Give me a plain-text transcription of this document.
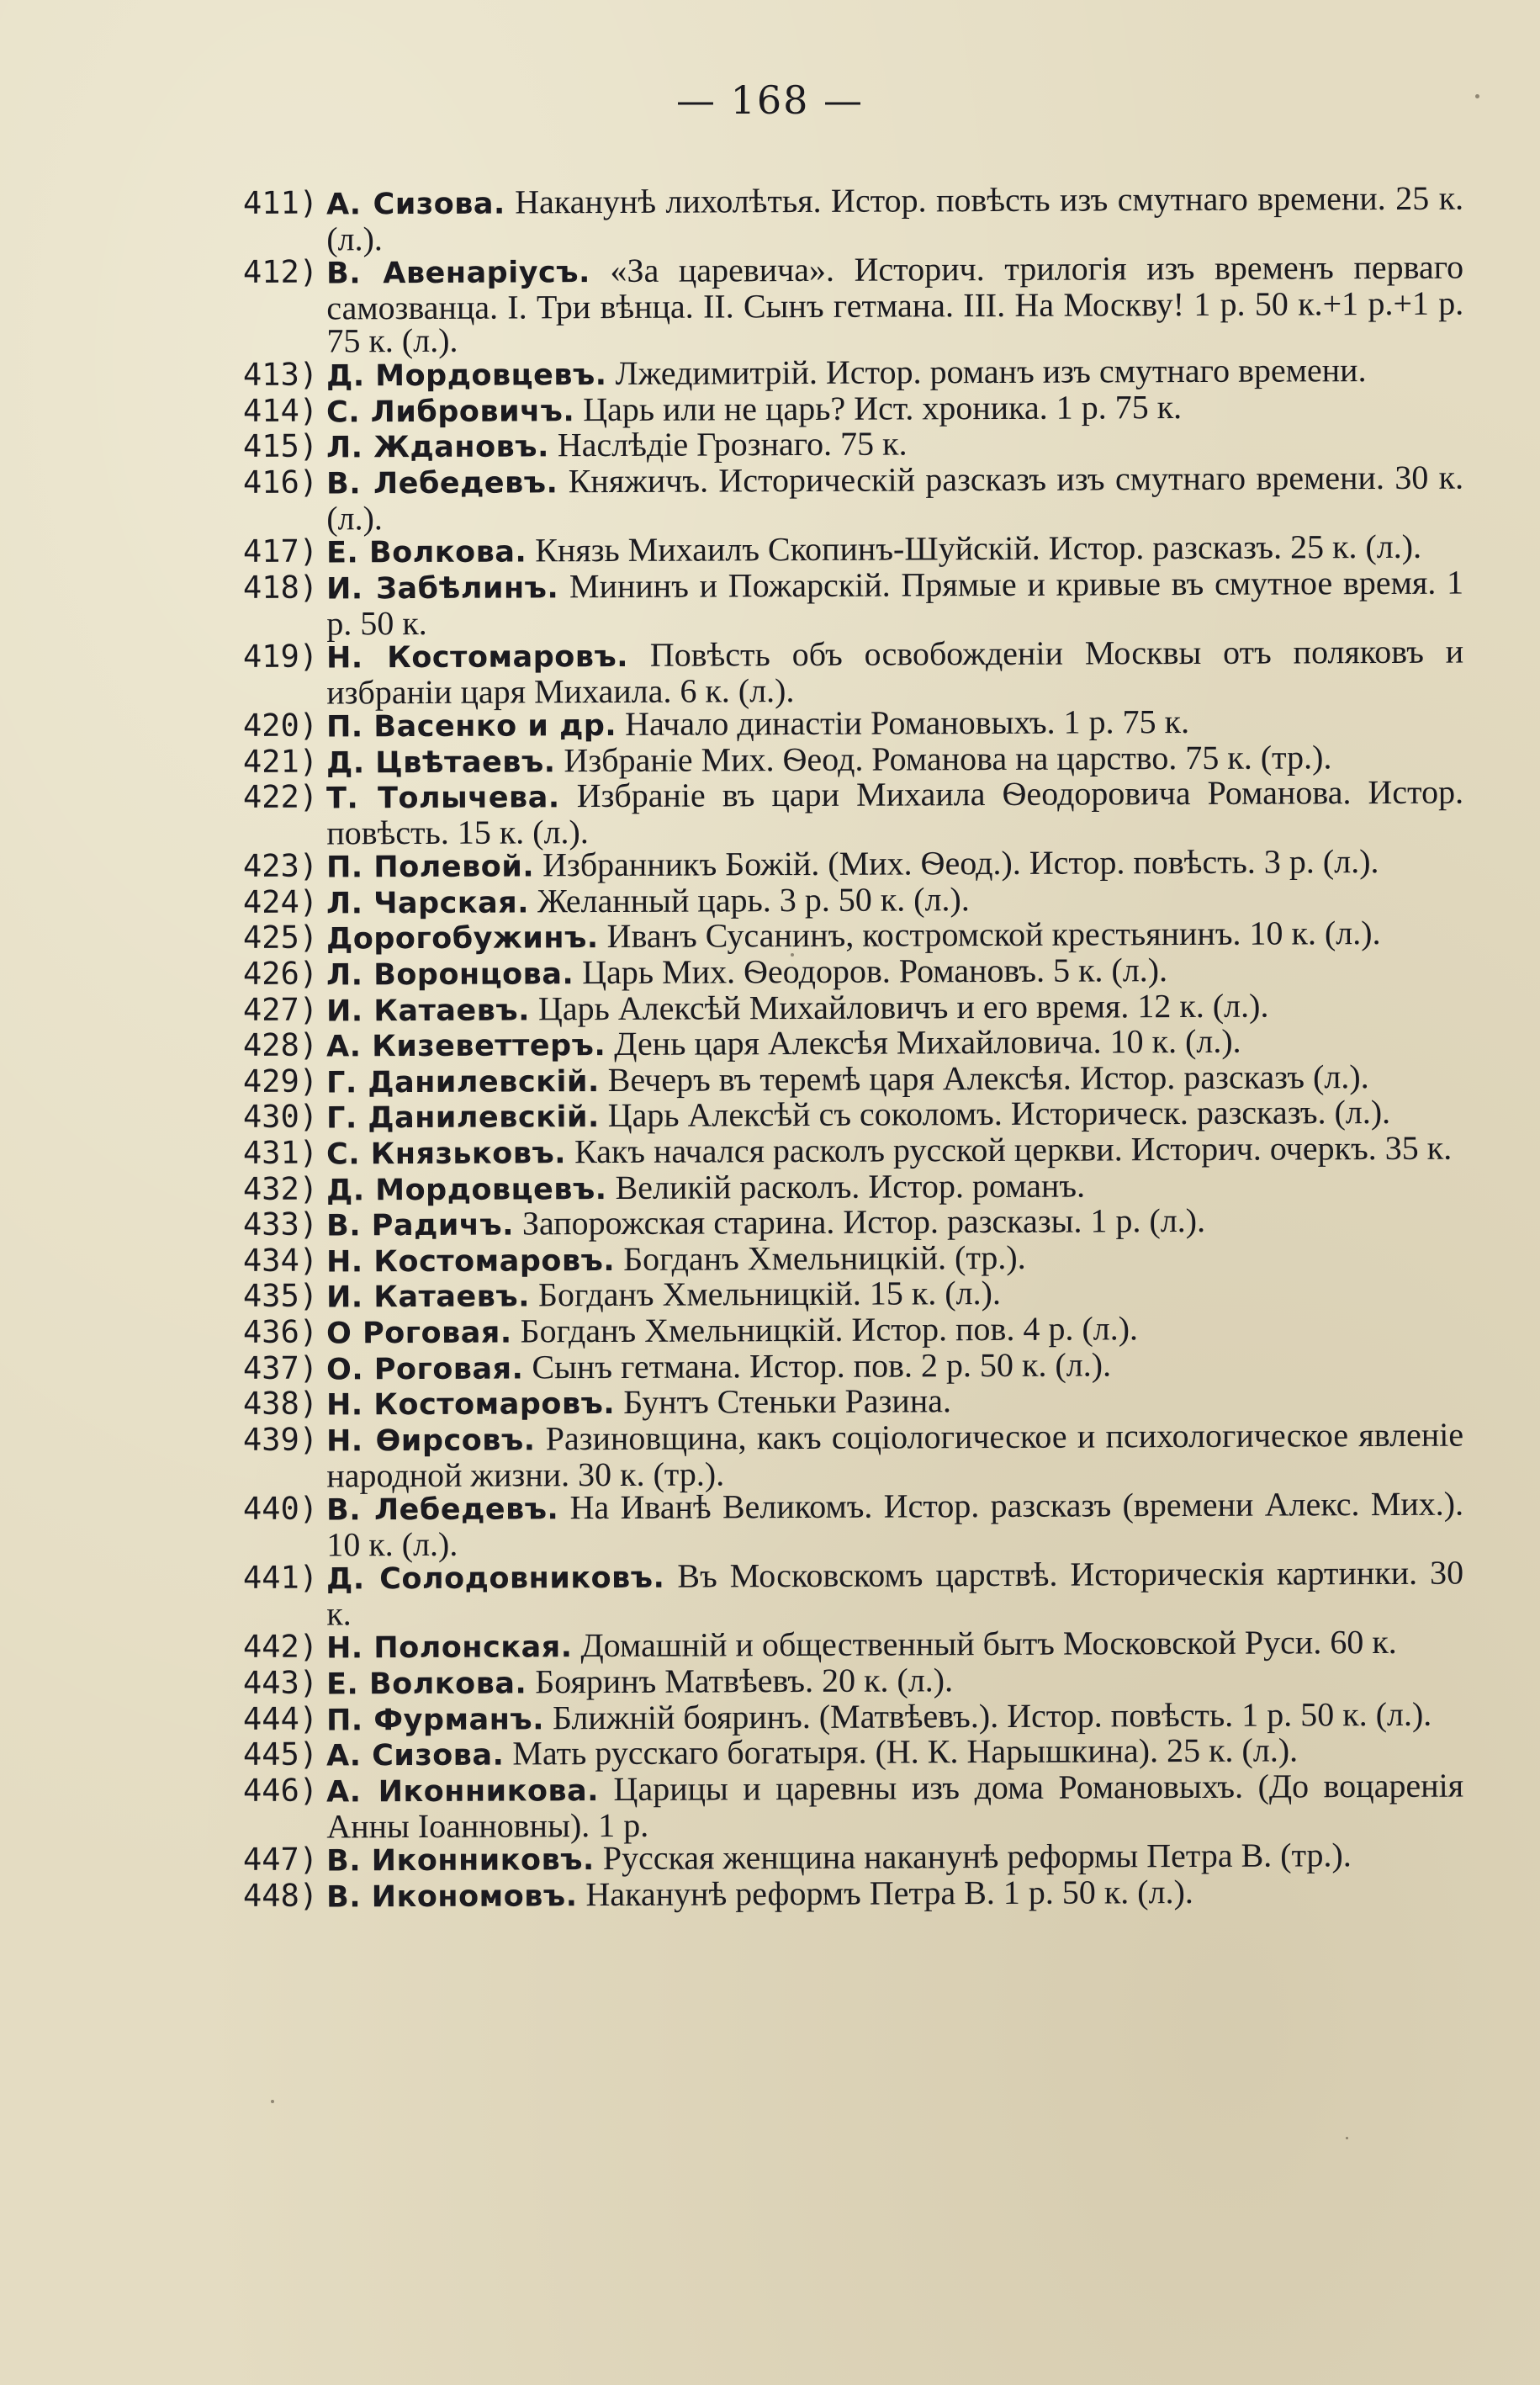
— 168 —
411) А. Сизова. Наканунѣ лихолѣтья. Истор. повѣсть изъ смутнаго времени. 25 к. (л.).
412) В. Авенаріусъ. «За царевича». Историч. трилогія изъ временъ перваго самозванца. I. Три вѣнца. II. Сынъ гетмана. III. На Москву! 1 р. 50 к.+1 р.+1 р. 75 к. (л.).
413) Д. Мордовцевъ. Лжедимитрій. Истор. романъ изъ смутнаго времени.
414) С. Либровичъ. Царь или не царь? Ист. хроника. 1 р. 75 к.
415) Л. Ждановъ. Наслѣдіе Грознаго. 75 к.
416) В. Лебедевъ. Княжичъ. Историческій разсказъ изъ смутнаго времени. 30 к. (л.).
417) Е. Волкова. Князь Михаилъ Скопинъ-Шуйскій. Истор. разсказъ. 25 к. (л.).
418) И. Забѣлинъ. Мининъ и Пожарскій. Прямые и кривые въ смутное время. 1 р. 50 к.
419) Н. Костомаровъ. Повѣсть объ освобожденіи Москвы отъ поляковъ и избраніи царя Михаила. 6 к. (л.).
420) П. Васенко и др. Начало династіи Романовыхъ. 1 р. 75 к.
421) Д. Цвѣтаевъ. Избраніе Мих. Ѳеод. Романова на царство. 75 к. (тр.).
422) Т. Толычева. Избраніе въ цари Михаила Ѳеодоровича Романова. Истор. повѣсть. 15 к. (л.).
423) П. Полевой. Избранникъ Божій. (Мих. Ѳеод.). Истор. повѣсть. 3 р. (л.).
424) Л. Чарская. Желанный царь. 3 р. 50 к. (л.).
425) Дорогобужинъ. Иванъ Сусанинъ, костромской крестьянинъ. 10 к. (л.).
426) Л. Воронцова. Царь Мих. Ѳеодоров. Романовъ. 5 к. (л.).
427) И. Катаевъ. Царь Алексѣй Михайловичъ и его время. 12 к. (л.).
428) А. Кизеветтеръ. День царя Алексѣя Михайловича. 10 к. (л.).
429) Г. Данилевскій. Вечеръ въ теремѣ царя Алексѣя. Истор. разсказъ (л.).
430) Г. Данилевскій. Царь Алексѣй съ соколомъ. Историческ. разсказъ. (л.).
431) С. Князьковъ. Какъ начался расколъ русской церкви. Историч. очеркъ. 35 к.
432) Д. Мордовцевъ. Великій расколъ. Истор. романъ.
433) В. Радичъ. Запорожская старина. Истор. разсказы. 1 р. (л.).
434) Н. Костомаровъ. Богданъ Хмельницкій. (тр.).
435) И. Катаевъ. Богданъ Хмельницкій. 15 к. (л.).
436) О Роговая. Богданъ Хмельницкій. Истор. пов. 4 р. (л.).
437) О. Роговая. Сынъ гетмана. Истор. пов. 2 р. 50 к. (л.).
438) Н. Костомаровъ. Бунтъ Стеньки Разина.
439) Н. Ѳирсовъ. Разиновщина, какъ соціологическое и психологическое явленіе народной жизни. 30 к. (тр.).
440) В. Лебедевъ. На Иванѣ Великомъ. Истор. разсказъ (времени Алекс. Мих.). 10 к. (л.).
441) Д. Солодовниковъ. Въ Московскомъ царствѣ. Историческія картинки. 30 к.
442) Н. Полонская. Домашній и общественный бытъ Московской Руси. 60 к.
443) Е. Волкова. Бояринъ Матвѣевъ. 20 к. (л.).
444) П. Фурманъ. Ближній бояринъ. (Матвѣевъ.). Истор. повѣсть. 1 р. 50 к. (л.).
445) А. Сизова. Мать русскаго богатыря. (Н. К. Нарышкина). 25 к. (л.).
446) А. Иконникова. Царицы и царевны изъ дома Романовыхъ. (До воцаренія Анны Іоанновны). 1 р.
447) В. Иконниковъ. Русская женщина наканунѣ реформы Петра В. (тр.).
448) В. Икономовъ. Наканунѣ реформъ Петра В. 1 р. 50 к. (л.).
